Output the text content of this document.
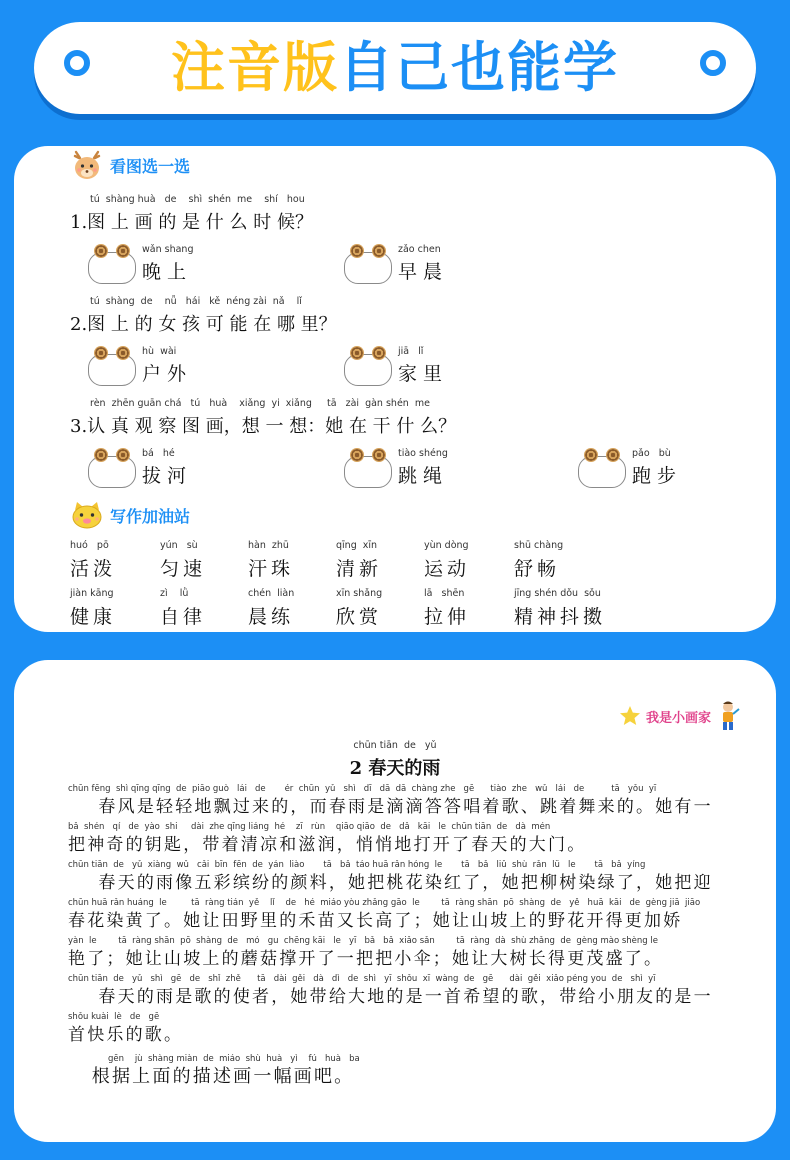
注音版自己也能学
看图选一选
tú  shàng huà   de    shì  shén  me    shí   hou
1.图 上 画 的 是 什 么 时 候？
wǎn shang
晚 上
zǎo chen
早 晨
tú  shàng  de    nǚ   hái   kě  néng zài  nǎ    lǐ
2.图 上 的 女 孩 可 能 在 哪 里？
hù  wài
户 外
jiā   lǐ
家 里
rèn  zhēn guān chá   tú   huà    xiǎng  yi  xiǎng     tā   zài  gàn shén  me
3.认 真 观 察 图 画，想 一 想：她 在 干 什 么？
bá   hé
拔 河
tiào shéng
跳 绳
pǎo   bù
跑 步
写作加油站
huó   pō
活泼
yún   sù
匀速
hàn  zhū
汗珠
qīng  xīn
清新
yùn dòng
运动
shū chàng
舒畅
jiàn kāng
健康
zì    lǜ
自律
chén  liàn
晨练
xīn shǎng
欣赏
lā   shēn
拉伸
jīng shén dǒu  sǒu
精神抖擞
我是小画家
chūn tiān  de   yǔ
2 春天的雨
chūn fēng  shì qīng qīng  de  piāo guò   lái   de       ér  chūn  yǔ   shì   dī   dā  dā  chàng zhe   gē      tiào  zhe   wǔ   lái   de          tā   yǒu  yī
春风是轻轻地飘过来的，而春雨是滴滴答答唱着歌、跳着舞来的。她有一
bǎ  shén   qí   de  yào  shi     dài  zhe qīng liáng  hé    zī   rùn    qiāo qiāo  de   dǎ   kāi   le  chūn tiān  de   dà  mén
把神奇的钥匙，带着清凉和滋润，悄悄地打开了春天的大门。
chūn tiān  de   yǔ  xiàng  wǔ   cǎi  bīn  fēn  de  yán  liào       tā   bǎ  táo huā rǎn hóng  le       tā   bǎ   liǔ  shù  rǎn  lǜ   le       tā   bǎ  yíng
春天的雨像五彩缤纷的颜料，她把桃花染红了，她把柳树染绿了，她把迎
chūn huā rǎn huáng  le         tā  ràng tián  yě    lǐ    de   hé  miáo yòu zhǎng gāo  le        tā  ràng shān  pō  shàng  de   yě   huā  kāi   de  gèng jiā  jiāo
春花染黄了。她让田野里的禾苗又长高了；她让山坡上的野花开得更加娇
yàn  le        tā  ràng shān  pō  shàng  de   mó   gu  chēng kāi   le   yī   bǎ   bǎ  xiǎo sǎn        tā  ràng  dà  shù zhǎng  de  gèng mào shèng le
艳了；她让山坡上的蘑菇撑开了一把把小伞；她让大树长得更茂盛了。
chūn tiān  de   yǔ   shì   gē   de   shǐ  zhě      tā   dài  gěi   dà   dì   de  shì   yī  shǒu  xī  wàng  de   gē      dài  gěi  xiǎo péng you  de   shì  yī
春天的雨是歌的使者，她带给大地的是一首希望的歌，带给小朋友的是一
shǒu kuài  lè   de   gē
首快乐的歌。
gēn    jù  shàng miàn  de  miáo  shù  huà   yì    fú   huà   ba
根据上面的描述画一幅画吧。
